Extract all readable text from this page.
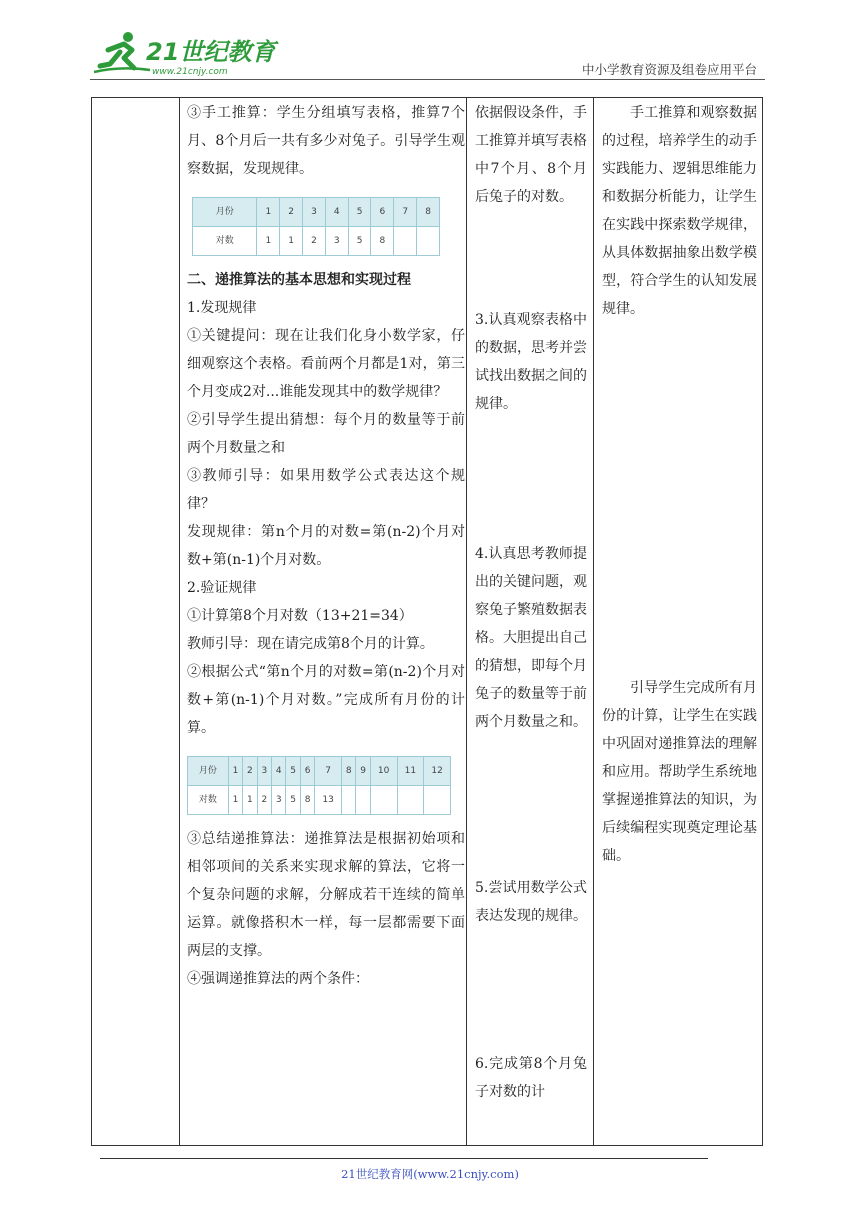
21世纪教育
www.21cnjy.com	中小学教育资源及组卷应用平台

③手工推算：学生分组填写表格，推算7个月、8个月后一共有多少对兔子。引导学生观察数据，发现规律。

月份	1	2	3	4	5	6	7	8
对数	1	1	2	3	5	8		

二、递推算法的基本思想和实现过程

1.发现规律

①关键提问：现在让我们化身小数学家，仔细观察这个表格。看前两个月都是1对，第三个月变成2对...谁能发现其中的数学规律？

②引导学生提出猜想：每个月的数量等于前两个月数量之和

③教师引导：如果用数学公式表达这个规律？

发现规律：第n个月的对数=第(n-2)个月对数+第(n-1)个月对数。

2.验证规律

①计算第8个月对数（13+21=34）

教师引导：现在请完成第8个月的计算。

②根据公式“第n个月的对数=第(n-2)个月对数+第(n-1)个月对数。”完成所有月份的计算。

月份	1	2	3	4	5	6	7	8	9	10	11	12
对数	1	1	2	3	5	8	13					

③总结递推算法：递推算法是根据初始项和相邻项间的关系来实现求解的算法，它将一个复杂问题的求解，分解成若干连续的简单运算。就像搭积木一样，每一层都需要下面两层的支撑。

④强调递推算法的两个条件：

依据假设条件，手工推算并填写表格中7个月、8个月后兔子的对数。

3.认真观察表格中的数据，思考并尝试找出数据之间的规律。

4.认真思考教师提出的关键问题，观察兔子繁殖数据表格。大胆提出自己的猜想，即每个月兔子的数量等于前两个月数量之和。

5.尝试用数学公式表达发现的规律。

6.完成第8个月兔子对数的计

手工推算和观察数据的过程，培养学生的动手实践能力、逻辑思维能力和数据分析能力，让学生在实践中探索数学规律，从具体数据抽象出数学模型，符合学生的认知发展规律。

引导学生完成所有月份的计算，让学生在实践中巩固对递推算法的理解和应用。帮助学生系统地掌握递推算法的知识，为后续编程实现奠定理论基础。

21世纪教育网(www.21cnjy.com)
